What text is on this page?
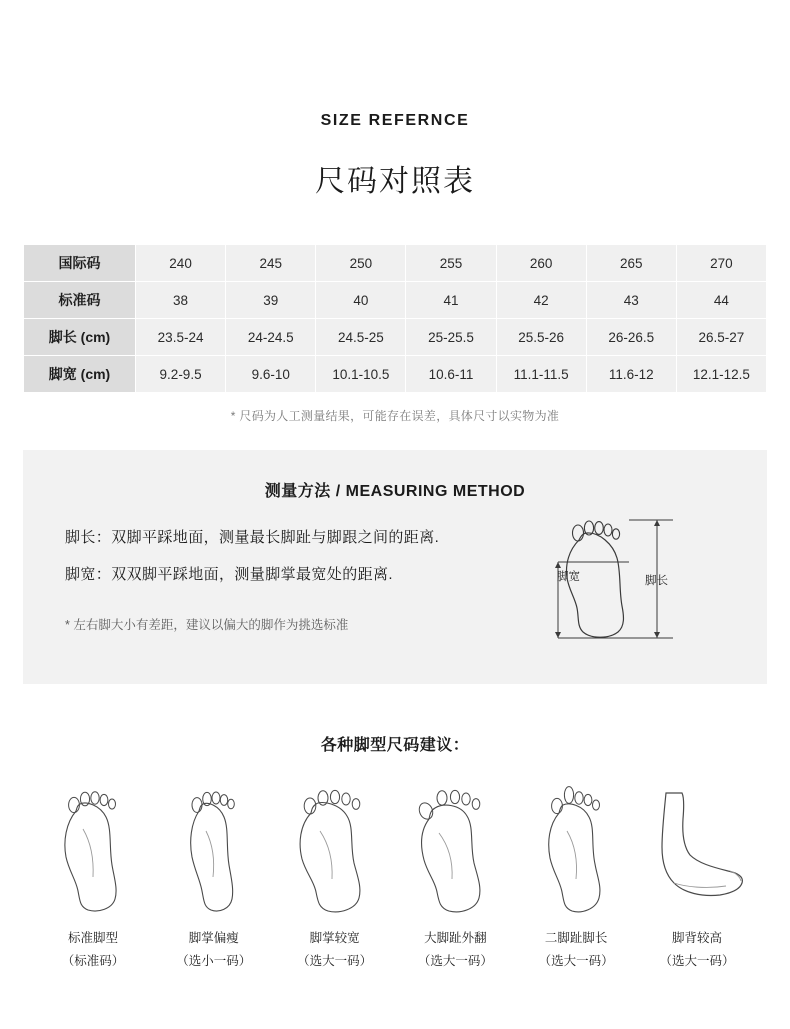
SIZE REFERNCE
尺码对照表
国际码	240	245	250	255	260	265	270
标准码	38	39	40	41	42	43	44
脚长 (cm)	23.5-24	24-24.5	24.5-25	25-25.5	25.5-26	26-26.5	26.5-27
脚宽 (cm)	9.2-9.5	9.6-10	10.1-10.5	10.6-11	11.1-11.5	11.6-12	12.1-12.5
* 尺码为人工测量结果，可能存在误差，具体尺寸以实物为准
测量方法 / MEASURING METHOD
脚长：双脚平踩地面，测量最长脚趾与脚跟之间的距离.
脚宽：双双脚平踩地面，测量脚掌最宽处的距离.
* 左右脚大小有差距，建议以偏大的脚作为挑选标准
脚宽	脚长
各种脚型尺码建议：
标准脚型
（标准码）
脚掌偏瘦
（选小一码）
脚掌较宽
（选大一码）
大脚趾外翻
（选大一码）
二脚趾脚长
（选大一码）
脚背较高
（选大一码）
